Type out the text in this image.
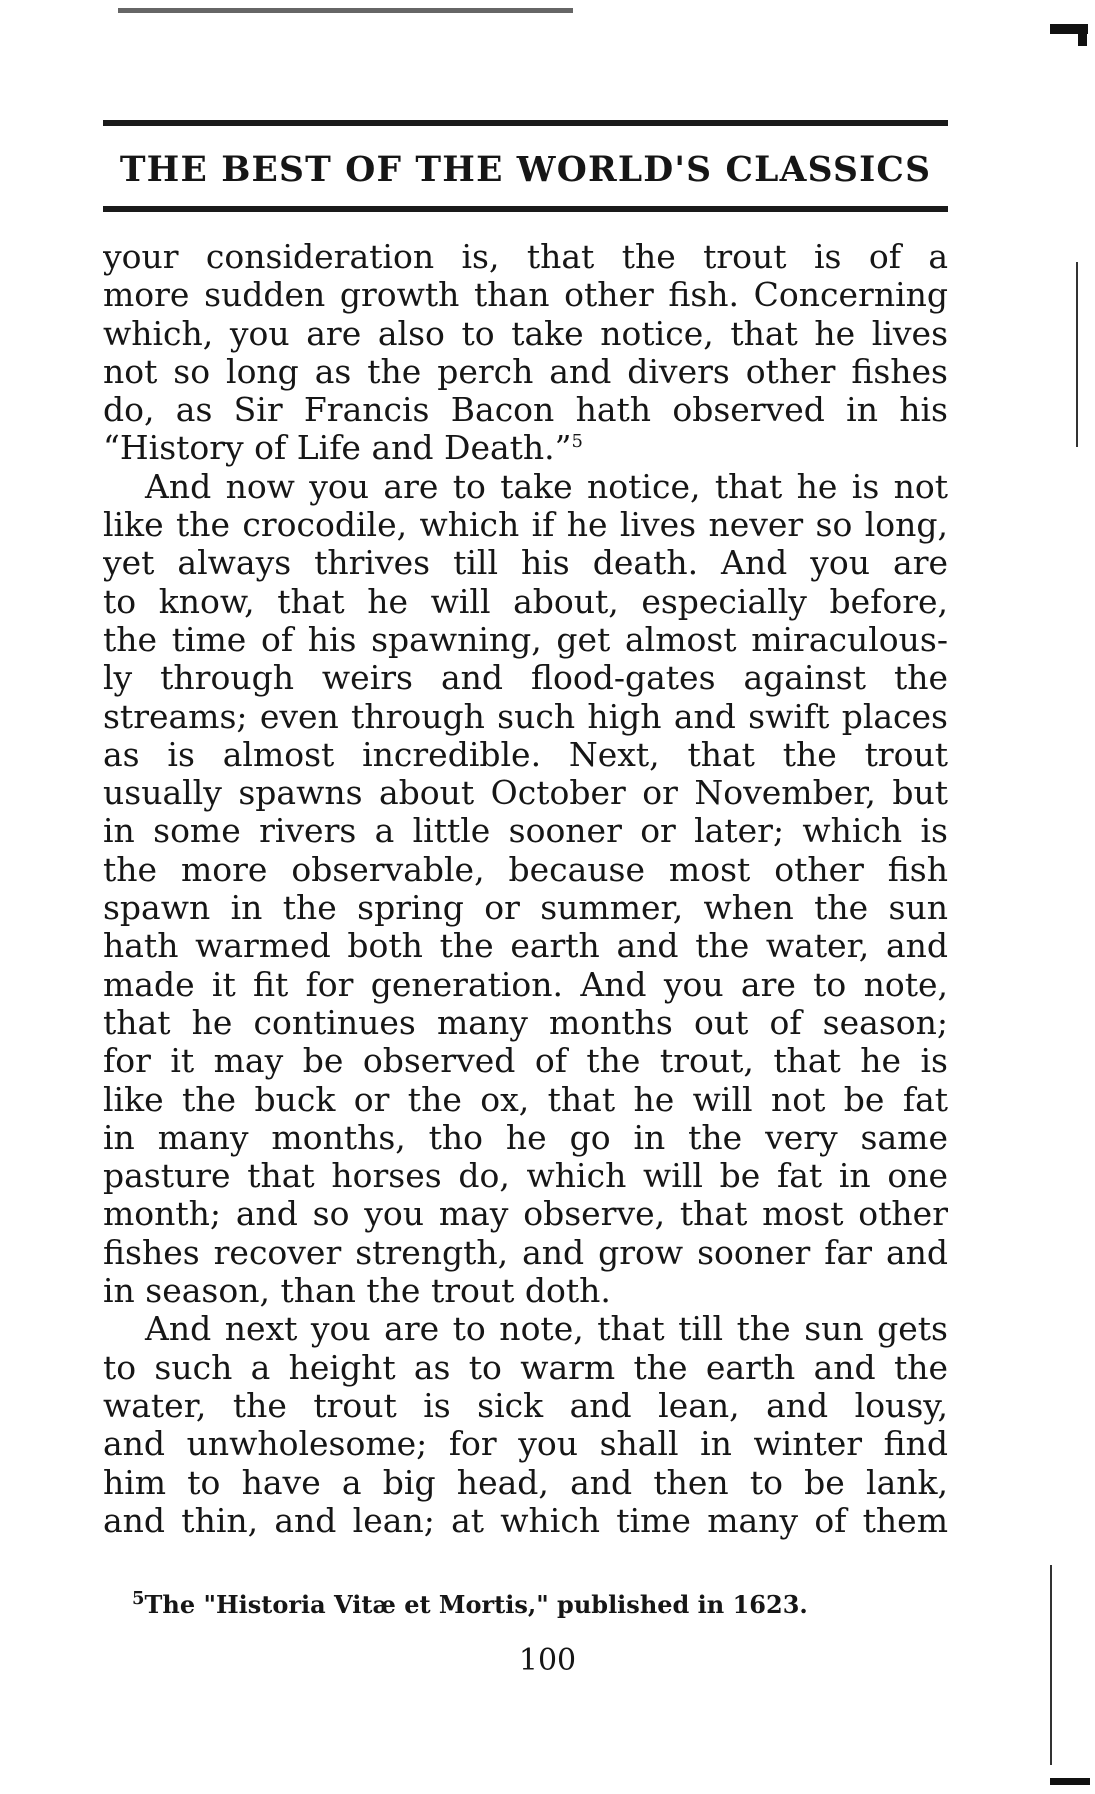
THE BEST OF THE WORLD'S CLASSICS
your consideration is, that the trout is of a
more sudden growth than other fish. Concerning
which, you are also to take notice, that he lives
not so long as the perch and divers other fishes
do, as Sir Francis Bacon hath observed in his
“History of Life and Death.”$^5$
And now you are to take notice, that he is not
like the crocodile, which if he lives never so long,
yet always thrives till his death. And you are
to know, that he will about, especially before,
the time of his spawning, get almost miraculous-
ly through weirs and flood-gates against the
streams; even through such high and swift places
as is almost incredible. Next, that the trout
usually spawns about October or November, but
in some rivers a little sooner or later; which is
the more observable, because most other fish
spawn in the spring or summer, when the sun
hath warmed both the earth and the water, and
made it fit for generation. And you are to note,
that he continues many months out of season;
for it may be observed of the trout, that he is
like the buck or the ox, that he will not be fat
in many months, tho he go in the very same
pasture that horses do, which will be fat in one
month; and so you may observe, that most other
fishes recover strength, and grow sooner far and
in season, than the trout doth.
And next you are to note, that till the sun gets
to such a height as to warm the earth and the
water, the trout is sick and lean, and lousy,
and unwholesome; for you shall in winter find
him to have a big head, and then to be lank,
and thin, and lean; at which time many of them
$^5$The "Historia Vitæ et Mortis," published in 1623.
100
